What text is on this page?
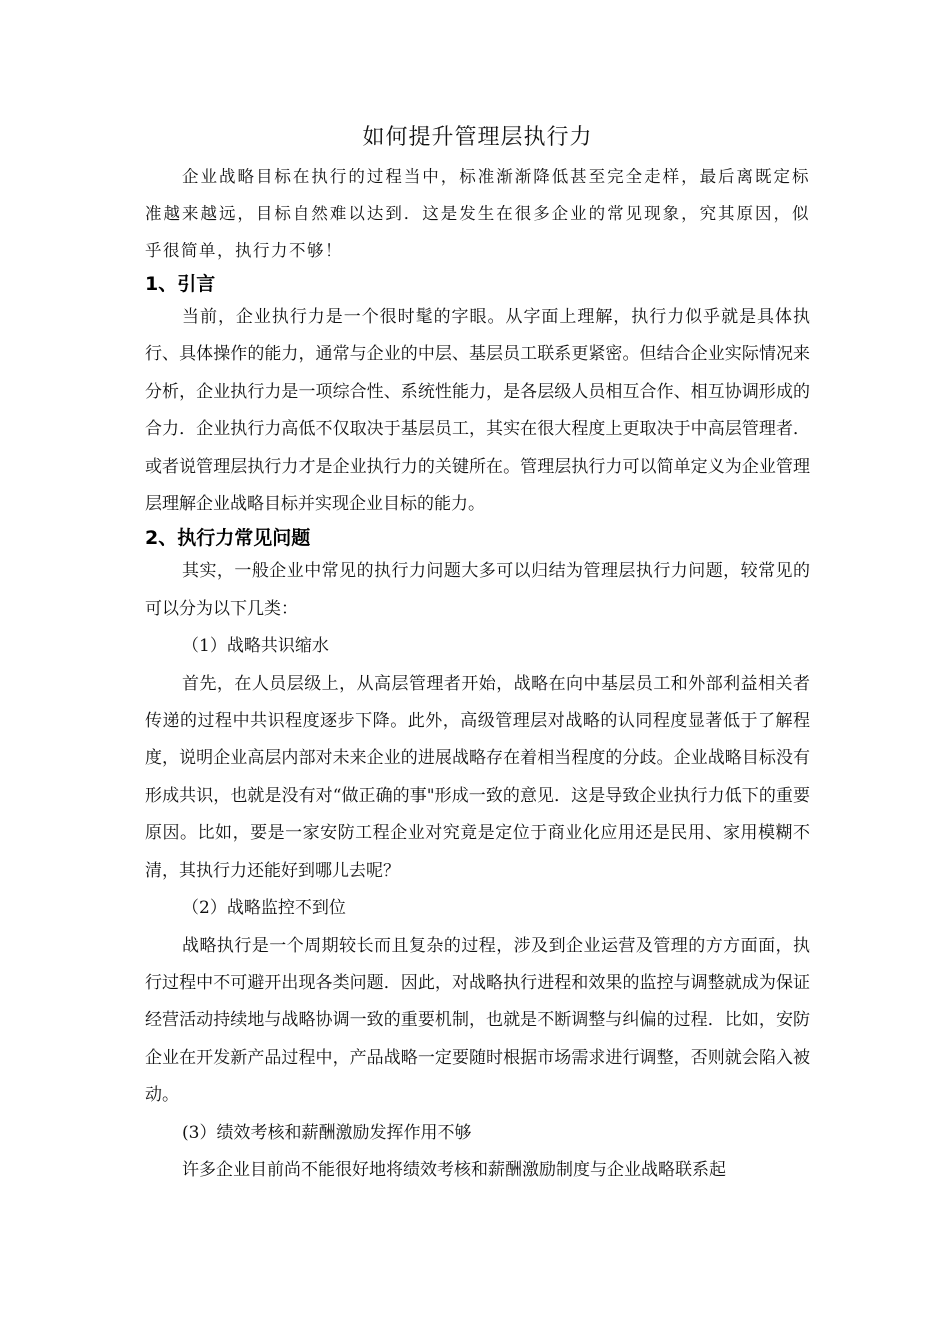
如何提升管理层执行力

企业战略目标在执行的过程当中，标准渐渐降低甚至完全走样，最后离既定标准越来越远，目标自然难以达到．这是发生在很多企业的常见现象，究其原因，似乎很简单，执行力不够！

1、引言

当前，企业执行力是一个很时髦的字眼。从字面上理解，执行力似乎就是具体执行、具体操作的能力，通常与企业的中层、基层员工联系更紧密。但结合企业实际情况来分析，企业执行力是一项综合性、系统性能力，是各层级人员相互合作、相互协调形成的合力．企业执行力高低不仅取决于基层员工，其实在很大程度上更取决于中高层管理者．或者说管理层执行力才是企业执行力的关键所在。管理层执行力可以简单定义为企业管理层理解企业战略目标并实现企业目标的能力。

2、执行力常见问题

其实，一般企业中常见的执行力问题大多可以归结为管理层执行力问题，较常见的可以分为以下几类：

（1）战略共识缩水

首先，在人员层级上，从高层管理者开始，战略在向中基层员工和外部利益相关者传递的过程中共识程度逐步下降。此外，高级管理层对战略的认同程度显著低于了解程度，说明企业高层内部对未来企业的进展战略存在着相当程度的分歧。企业战略目标没有形成共识，也就是没有对“做正确的事"形成一致的意见．这是导致企业执行力低下的重要原因。比如，要是一家安防工程企业对究竟是定位于商业化应用还是民用、家用模糊不清，其执行力还能好到哪儿去呢？

（2）战略监控不到位

战略执行是一个周期较长而且复杂的过程，涉及到企业运营及管理的方方面面，执行过程中不可避开出现各类问题．因此，对战略执行进程和效果的监控与调整就成为保证经营活动持续地与战略协调一致的重要机制，也就是不断调整与纠偏的过程．比如，安防企业在开发新产品过程中，产品战略一定要随时根据市场需求进行调整，否则就会陷入被动。

(3）绩效考核和薪酬激励发挥作用不够

许多企业目前尚不能很好地将绩效考核和薪酬激励制度与企业战略联系起
